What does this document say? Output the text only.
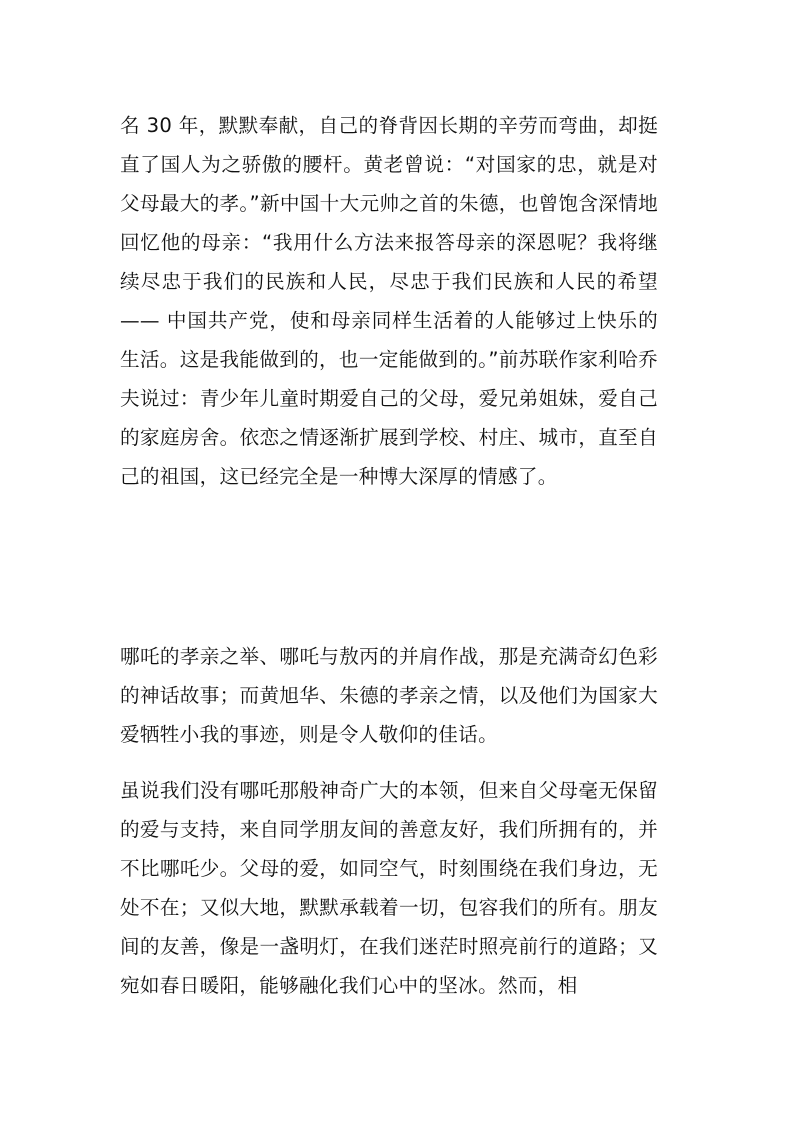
名 30 年，默默奉献，自己的脊背因长期的辛劳而弯曲，却挺直了国人为之骄傲的腰杆。黄老曾说：“对国家的忠，就是对父母最大的孝。”新中国十大元帅之首的朱德，也曾饱含深情地回忆他的母亲：“我用什么方法来报答母亲的深恩呢？我将继续尽忠于我们的民族和人民，尽忠于我们民族和人民的希望 —— 中国共产党，使和母亲同样生活着的人能够过上快乐的生活。这是我能做到的，也一定能做到的。”前苏联作家利哈乔夫说过：青少年儿童时期爱自己的父母，爱兄弟姐妹，爱自己的家庭房舍。依恋之情逐渐扩展到学校、村庄、城市，直至自己的祖国，这已经完全是一种博大深厚的情感了。

哪吒的孝亲之举、哪吒与敖丙的并肩作战，那是充满奇幻色彩的神话故事；而黄旭华、朱德的孝亲之情，以及他们为国家大爱牺牲小我的事迹，则是令人敬仰的佳话。

虽说我们没有哪吒那般神奇广大的本领，但来自父母毫无保留的爱与支持，来自同学朋友间的善意友好，我们所拥有的，并不比哪吒少。父母的爱，如同空气，时刻围绕在我们身边，无处不在；又似大地，默默承载着一切，包容我们的所有。朋友间的友善，像是一盏明灯，在我们迷茫时照亮前行的道路；又宛如春日暖阳，能够融化我们心中的坚冰。然而，相
